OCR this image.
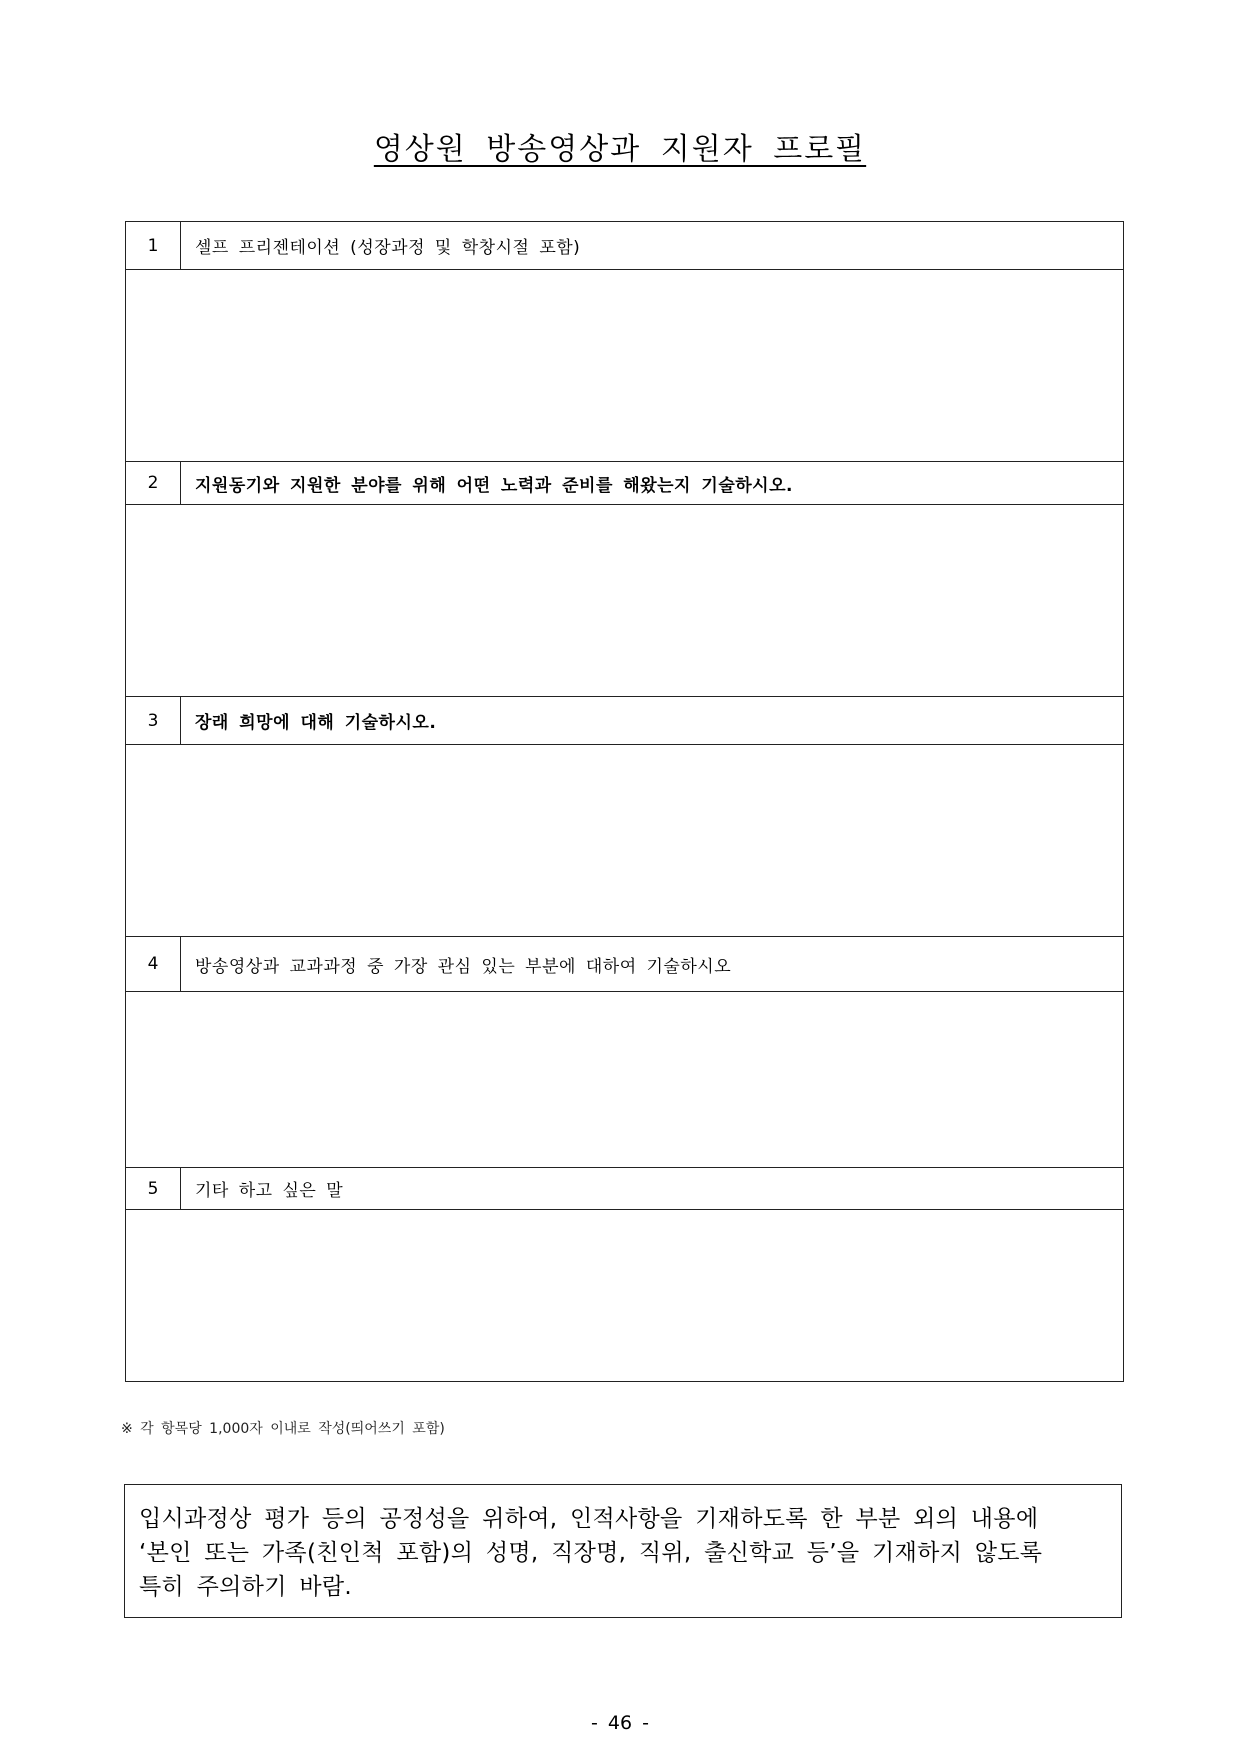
영상원 방송영상과 지원자 프로필
1	셀프 프리젠테이션 (성장과정 및 학창시절 포함)

2	지원동기와 지원한 분야를 위해 어떤 노력과 준비를 해왔는지 기술하시오.

3	장래 희망에 대해 기술하시오.

4	방송영상과 교과과정 중 가장 관심 있는 부분에 대하여 기술하시오

5	기타 하고 싶은 말

※ 각 항목당 1,000자 이내로 작성(띄어쓰기 포함)
입시과정상 평가 등의 공정성을 위하여, 인적사항을 기재하도록 한 부분 외의 내용에
‘본인 또는 가족(친인척 포함)의 성명, 직장명, 직위, 출신학교 등’을 기재하지 않도록
특히 주의하기 바람.
- 46 -
